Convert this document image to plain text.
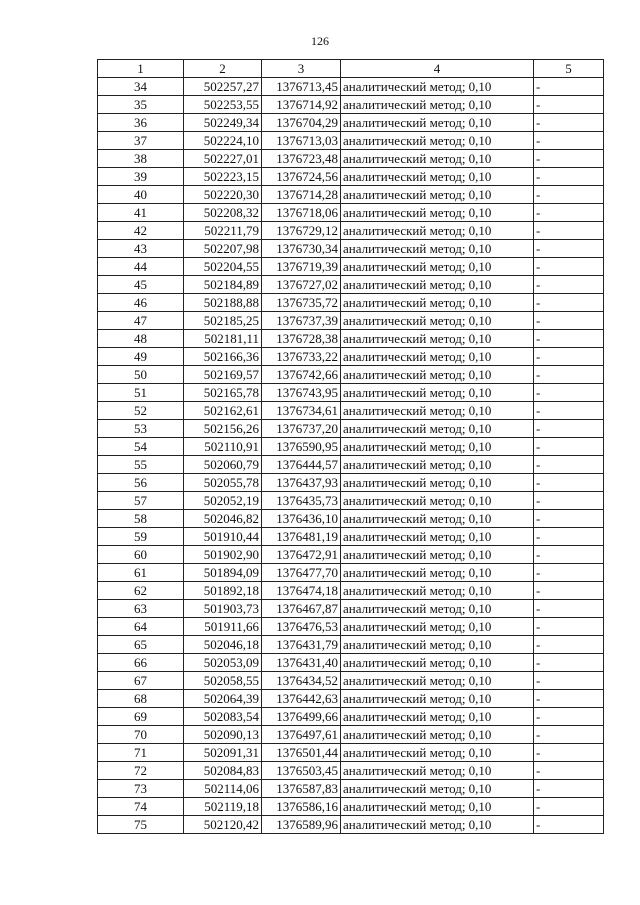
126
1	2	3	4	5
34	502257,27	1376713,45	аналитический метод; 0,10	-
35	502253,55	1376714,92	аналитический метод; 0,10	-
36	502249,34	1376704,29	аналитический метод; 0,10	-
37	502224,10	1376713,03	аналитический метод; 0,10	-
38	502227,01	1376723,48	аналитический метод; 0,10	-
39	502223,15	1376724,56	аналитический метод; 0,10	-
40	502220,30	1376714,28	аналитический метод; 0,10	-
41	502208,32	1376718,06	аналитический метод; 0,10	-
42	502211,79	1376729,12	аналитический метод; 0,10	-
43	502207,98	1376730,34	аналитический метод; 0,10	-
44	502204,55	1376719,39	аналитический метод; 0,10	-
45	502184,89	1376727,02	аналитический метод; 0,10	-
46	502188,88	1376735,72	аналитический метод; 0,10	-
47	502185,25	1376737,39	аналитический метод; 0,10	-
48	502181,11	1376728,38	аналитический метод; 0,10	-
49	502166,36	1376733,22	аналитический метод; 0,10	-
50	502169,57	1376742,66	аналитический метод; 0,10	-
51	502165,78	1376743,95	аналитический метод; 0,10	-
52	502162,61	1376734,61	аналитический метод; 0,10	-
53	502156,26	1376737,20	аналитический метод; 0,10	-
54	502110,91	1376590,95	аналитический метод; 0,10	-
55	502060,79	1376444,57	аналитический метод; 0,10	-
56	502055,78	1376437,93	аналитический метод; 0,10	-
57	502052,19	1376435,73	аналитический метод; 0,10	-
58	502046,82	1376436,10	аналитический метод; 0,10	-
59	501910,44	1376481,19	аналитический метод; 0,10	-
60	501902,90	1376472,91	аналитический метод; 0,10	-
61	501894,09	1376477,70	аналитический метод; 0,10	-
62	501892,18	1376474,18	аналитический метод; 0,10	-
63	501903,73	1376467,87	аналитический метод; 0,10	-
64	501911,66	1376476,53	аналитический метод; 0,10	-
65	502046,18	1376431,79	аналитический метод; 0,10	-
66	502053,09	1376431,40	аналитический метод; 0,10	-
67	502058,55	1376434,52	аналитический метод; 0,10	-
68	502064,39	1376442,63	аналитический метод; 0,10	-
69	502083,54	1376499,66	аналитический метод; 0,10	-
70	502090,13	1376497,61	аналитический метод; 0,10	-
71	502091,31	1376501,44	аналитический метод; 0,10	-
72	502084,83	1376503,45	аналитический метод; 0,10	-
73	502114,06	1376587,83	аналитический метод; 0,10	-
74	502119,18	1376586,16	аналитический метод; 0,10	-
75	502120,42	1376589,96	аналитический метод; 0,10	-
